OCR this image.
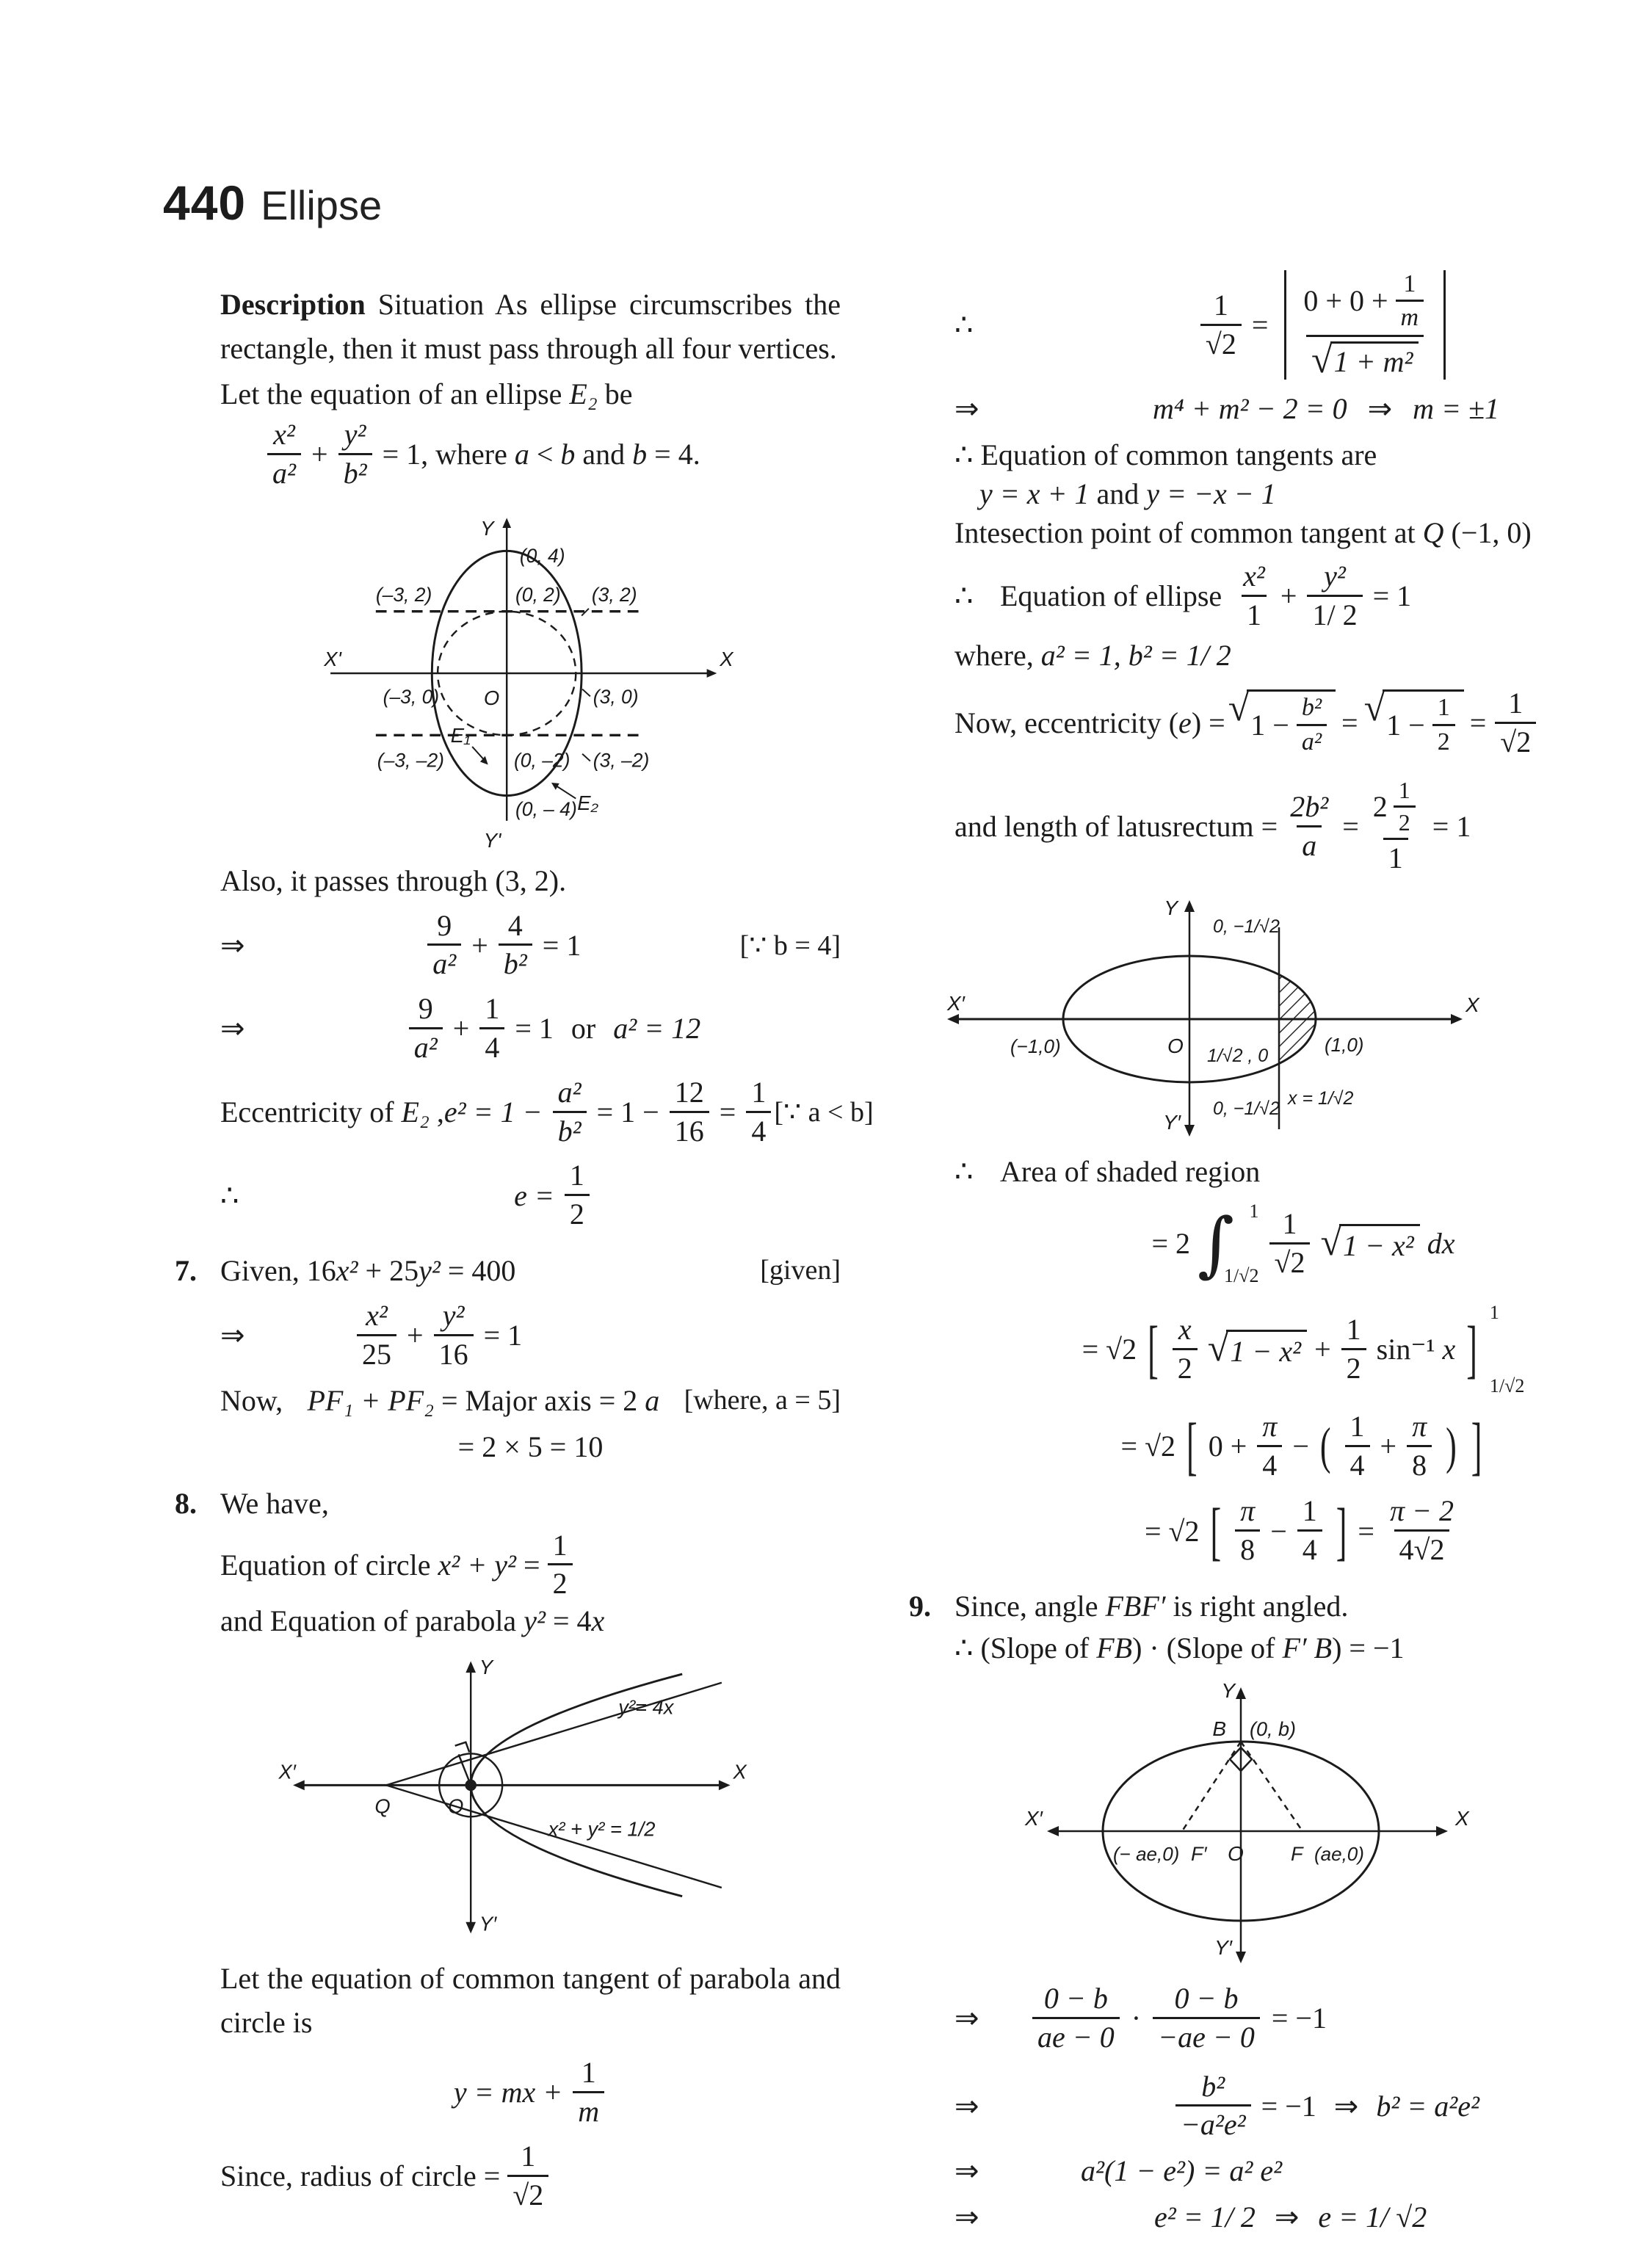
440 Ellipse

Description Situation As ellipse circumscribes the rectangle, then it must pass through all four vertices.

Let the equation of an ellipse E₂ be

$\frac{\text{x²}}{\text{a²}} + \frac{\text{y²}}{\text{b²}} = 1$, where a < b and b = 4.
Y
(0, 4)
(–3, 2)	(0, 2) (3, 2)
X'
(–3, 0) O
E₁
(3, 0)
X
(–3, –2)	(0, –2) (3, –2)
E₂
(0, – 4)
Y'

Also, it passes through (3, 2).

⇒	$\frac{9}{\text{a²}} + \frac{4}{\text{b²}} = 1$	[∵ b = 4]
⇒	$\frac{9}{\text{a²}} + \frac{1}{4} = 1$ or a² = 12
Eccentricity of E₂ , $e^2 = 1 - \frac{\text{a²}}{\text{b²}} = 1 - \frac{12}{16} = \frac{1}{4}$ [∵ a < b]
∴	$e = \frac{1}{2}$
7. Given, 16x² + 25y² = 400	[given]
⇒	$\frac{\text{x²}}{25} + \frac{\text{y²}}{16} = 1$
Now, PF₁ + PF₂ = Major axis = 2 a [where, a = 5]
= 2 × 5 = 10
8. We have,

Equation of circle $x^2 + y^2 = \frac{1}{2}$

and Equation of parabola y² = 4x

Y
y²= 4x
X′
Q	O
X
x² + y² = 1/2
Y′

Let the equation of common tangent of parabola and circle is

y = mx + $\frac{1}{m}$
Since, radius of circle = $\frac{1}{√2}$
∴	$\frac{1}{√2} = \frac{0 + 0 + \frac{1}{m}}{\text{√ 1 + m²}}$
⇒	m⁴ + m² − 2 = 0 ⇒ m = ±1

∴ Equation of common tangents are

y = x + 1 and y = −x − 1

Intesection point of common tangent at Q (−1, 0)

∴ Equation of ellipse $\frac{\text{x²}}{1} + \frac{\text{y²}}{1/ 2} = 1$

where, a² = 1, b² = 1/ 2

Now, eccentricity (e) = √ $1 - \frac{\text{b²}}{\text{a²}}$ = √ $1 - \frac{1}{2} = \frac{1}{√2}$
and length of latusrectum = $\frac{\text{2b²}}{a} = \frac{2 \frac{1}{2}}{1} = 1$
Y
0, −1/√2
X′
(−1,0)	O 1/√2 , 0	(1,0)
X
x = 1/√2
0, −1/√2
Y′
∴ Area of shaded region
= 2 ∫ 1
$1/√2 \frac{1}{√2}$ √ 1 − x² dx
= √2 [ $\frac{x}{2}$ √ $1 - x^2 + \frac{1}{2} \sin^{-1}$ x ]
1
1/√2
= √2 [ $0 + \frac{\pi}{4}$ − ( $\frac{1}{4} + \frac{\pi}{8}$ ) ]
= √2 [ $\frac{\pi}{8} - \frac{1}{4}$ ] = $\frac{\pi - 2}{4√2}$
9. Since, angle FBF′ is right angled.

∴ (Slope of FB) · (Slope of F′ B) = −1

Y
B (0, b)
X′
(− ae,0) F′ O F (ae,0)
X
Y′
⇒	$\frac{0 - b}{ae - 0} \cdot \frac{0 - b}{-ae - 0} = -1$
⇒	$\frac{\text{b²}}{\text{−a²e²}} = -1$ ⇒ b² = a²e²
⇒	a²(1 − e²) = a² e²
⇒	e² = 1/ 2 ⇒ e = 1/ √2
